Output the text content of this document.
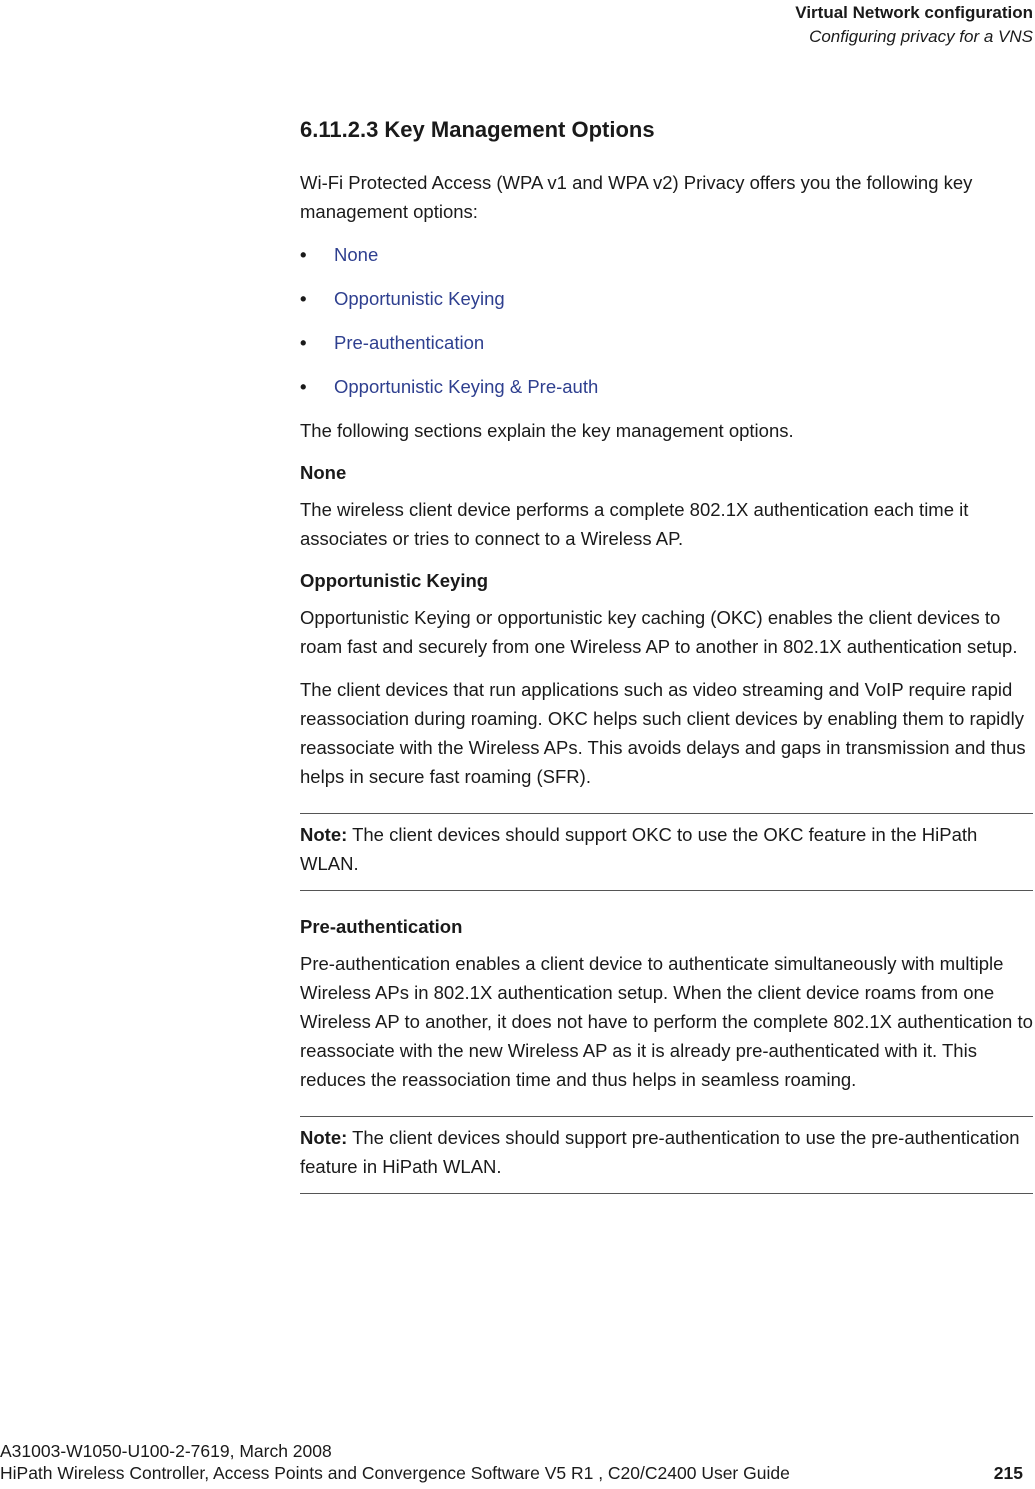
Virtual Network configuration
Configuring privacy for a VNS
6.11.2.3 Key Management Options

Wi-Fi Protected Access (WPA v1 and WPA v2) Privacy offers you the following key management options:

•	None
•	Opportunistic Keying
•	Pre-authentication
•	Opportunistic Keying & Pre-auth

The following sections explain the key management options.

None

The wireless client device performs a complete 802.1X authentication each time it associates or tries to connect to a Wireless AP.

Opportunistic Keying

Opportunistic Keying or opportunistic key caching (OKC) enables the client devices to roam fast and securely from one Wireless AP to another in 802.1X authentication setup.

The client devices that run applications such as video streaming and VoIP require rapid reassociation during roaming. OKC helps such client devices by enabling them to rapidly reassociate with the Wireless APs. This avoids delays and gaps in transmission and thus helps in secure fast roaming (SFR).

Note: The client devices should support OKC to use the OKC feature in the HiPath WLAN.

Pre-authentication

Pre-authentication enables a client device to authenticate simultaneously with multiple Wireless APs in 802.1X authentication setup. When the client device roams from one Wireless AP to another, it does not have to perform the complete 802.1X authentication to reassociate with the new Wireless AP as it is already pre-authenticated with it. This reduces the reassociation time and thus helps in seamless roaming.

Note: The client devices should support pre-authentication to use the pre-authentication feature in HiPath WLAN.

A31003-W1050-U100-2-7619, March 2008
HiPath Wireless Controller, Access Points and Convergence Software V5 R1 , C20/C2400 User Guide	215
